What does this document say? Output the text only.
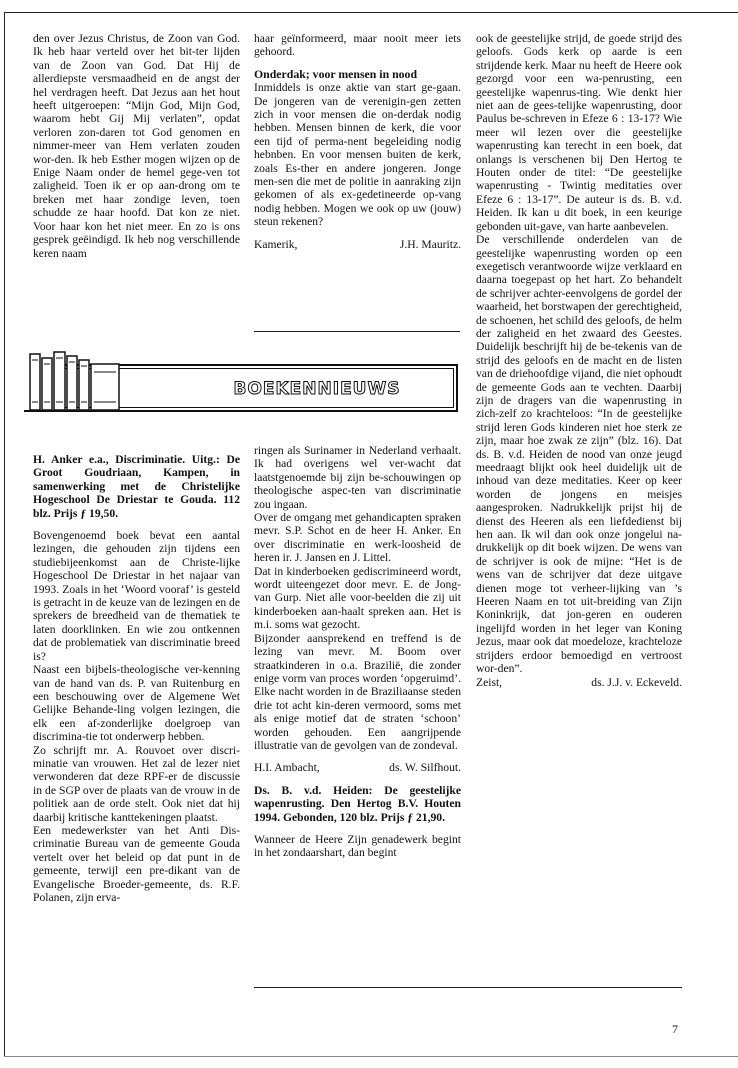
den over Jezus Christus, de Zoon van God. Ik heb haar verteld over het bit-ter lijden van de Zoon van God. Dat Hij de allerdiepste versmaadheid en de angst der hel verdragen heeft. Dat Jezus aan het hout heeft uitgeroepen: “Mijn God, Mijn God, waarom hebt Gij Mij verlaten”, opdat verloren zon-daren tot God genomen en nimmer-meer van Hem verlaten zouden wor-den. Ik heb Esther mogen wijzen op de Enige Naam onder de hemel gege-ven tot zaligheid. Toen ik er op aan-drong om te breken met haar zondige leven, toen schudde ze haar hoofd. Dat kon ze niet. Voor haar kon het niet meer. En zo is ons gesprek geëindigd. Ik heb nog verschillende keren naam

haar geïnformeerd, maar nooit meer iets gehoord.

Onderdak; voor mensen in nood

Inmiddels is onze aktie van start ge-gaan. De jongeren van de verenigin-gen zetten zich in voor mensen die on-derdak nodig hebben. Mensen binnen de kerk, die voor een tijd of perma-nent begeleiding nodig hebnben. En voor mensen buiten de kerk, zoals Es-ther en andere jongeren. Jonge men-sen die met de politie in aanraking zijn gekomen of als ex-gedetineerde op-vang nodig hebben. Mogen we ook op uw (jouw) steun rekenen?

Kamerik,	J.H. Mauritz.

ook de geestelijke strijd, de goede strijd des geloofs. Gods kerk op aarde is een strijdende kerk. Maar nu heeft de Heere ook gezorgd voor een wa-penrusting, een geestelijke wapenrus-ting. Wie denkt hier niet aan de gees-telijke wapenrusting, door Paulus be-schreven in Efeze 6 : 13-17? Wie meer wil lezen over die geestelijke wapenrusting kan terecht in een boek, dat onlangs is verschenen bij Den Hertog te Houten onder de titel: “De geestelijke wapenrusting - Twintig meditaties over Efeze 6 : 13-17”. De auteur is ds. B. v.d. Heiden. Ik kan u dit boek, in een keurige gebonden uit-gave, van harte aanbevelen.

De verschillende onderdelen van de geestelijke wapenrusting worden op een exegetisch verantwoorde wijze verklaard en daarna toegepast op het hart. Zo behandelt de schrijver achter-eenvolgens de gordel der waarheid, het borstwapen der gerechtigheid, de schoenen, het schild des geloofs, de helm der zaligheid en het zwaard des Geestes. Duidelijk beschrijft hij de be-tekenis van de strijd des geloofs en de macht en de listen van de driehoofdige vijand, die niet ophoudt de gemeente Gods aan te vechten. Daarbij zijn de dragers van die wapenrusting in zich-zelf zo krachteloos: “In de geestelijke strijd leren Gods kinderen niet hoe sterk ze zijn, maar hoe zwak ze zijn” (blz. 16). Dat ds. B. v.d. Heiden de nood van onze jeugd meedraagt blijkt ook heel duidelijk uit de inhoud van deze meditaties. Keer op keer worden de jongens en meisjes aangesproken. Nadrukkelijk prijst hij de dienst des Heeren als een liefdedienst bij hen aan. Ik wil dan ook onze jongelui na-drukkelijk op dit boek wijzen. De wens van de schrijver is ook de mijne: “Het is de wens van de schrijver dat deze uitgave dienen moge tot verheer-lijking van ’s Heeren Naam en tot uit-breiding van Zijn Koninkrijk, dat jon-geren en ouderen ingelijfd worden in het leger van Koning Jezus, maar ook dat moedeloze, krachteloze strijders erdoor bemoedigd en vertroost wor-den”.

Zeist,	ds. J.J. v. Eckeveld.
BOEKENNIEUWS

H. Anker e.a., Discriminatie. Uitg.: De Groot Goudriaan, Kampen, in samenwerking met de Christelijke Hogeschool De Driestar te Gouda. 112 blz. Prijs ƒ 19,50.

Bovengenoemd boek bevat een aantal lezingen, die gehouden zijn tijdens een studiebijeenkomst aan de Christe-lijke Hogeschool De Driestar in het najaar van 1993. Zoals in het ‘Woord vooraf’ is gesteld is getracht in de keuze van de lezingen en de sprekers de breedheid van de thematiek te laten doorklinken. En wie zou ontkennen dat de problematiek van discriminatie breed is?

Naast een bijbels-theologische ver-kenning van de hand van ds. P. van Ruitenburg en een beschouwing over de Algemene Wet Gelijke Behande-ling volgen lezingen, die elk een af-zonderlijke doelgroep van discrimina-tie tot onderwerp hebben.

Zo schrijft mr. A. Rouvoet over discri-minatie van vrouwen. Het zal de lezer niet verwonderen dat deze RPF-er de discussie in de SGP over de plaats van de vrouw in de politiek aan de orde stelt. Ook niet dat hij daarbij kritische kanttekeningen plaatst.

Een medewerkster van het Anti Dis-criminatie Bureau van de gemeente Gouda vertelt over het beleid op dat punt in de gemeente, terwijl een pre-dikant van de Evangelische Broeder-gemeente, ds. R.F. Polanen, zijn erva-

ringen als Surinamer in Nederland verhaalt. Ik had overigens wel ver-wacht dat laatstgenoemde bij zijn be-schouwingen op theologische aspec-ten van discriminatie zou ingaan.

Over de omgang met gehandicapten spraken mevr. S.P. Schot en de heer H. Anker. En over discriminatie en werk-loosheid de heren ir. J. Jansen en J. Littel.

Dat in kinderboeken gediscrimineerd wordt, wordt uiteengezet door mevr. E. de Jong-van Gurp. Niet alle voor-beelden die zij uit kinderboeken aan-haalt spreken aan. Het is m.i. soms wat gezocht.

Bijzonder aansprekend en treffend is de lezing van mevr. M. Boom over straatkinderen in o.a. Brazilië, die zonder enige vorm van proces worden ‘opgeruimd’. Elke nacht worden in de Braziliaanse steden drie tot acht kin-deren vermoord, soms met als enige motief dat de straten ‘schoon’ worden gehouden. Een aangrijpende illustratie van de gevolgen van de zondeval.

H.I. Ambacht,	ds. W. Silfhout.

Ds. B. v.d. Heiden: De geestelijke wapenrusting. Den Hertog B.V. Houten 1994. Gebonden, 120 blz. Prijs ƒ 21,90.

Wanneer de Heere Zijn genadewerk begint in het zondaarshart, dan begint

7
